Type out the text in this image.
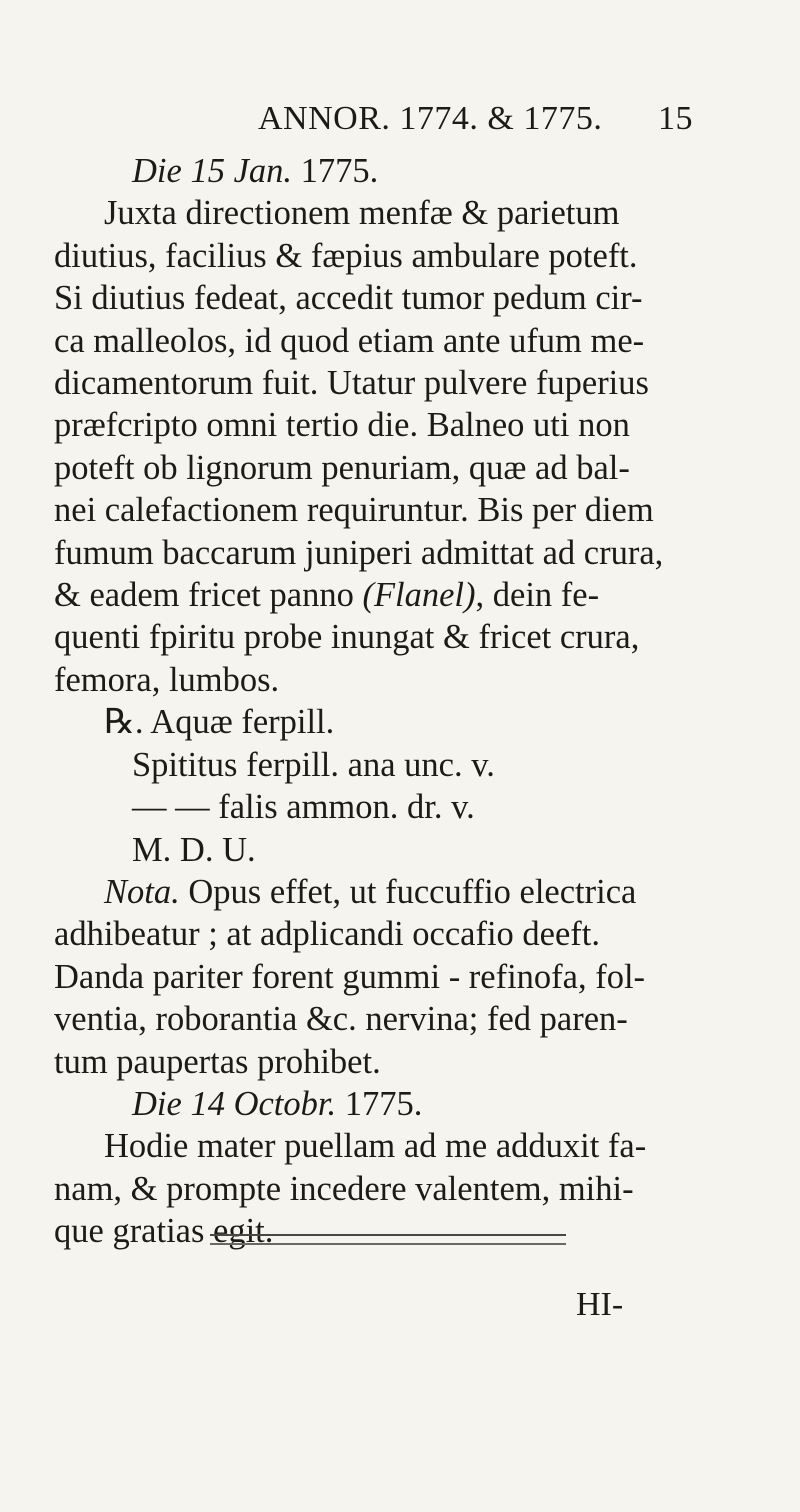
ANNOR. 1774. & 1775. 15
Die 15 Jan. 1775.
Juxta directionem menfæ & parietum
diutius, facilius & fæpius ambulare poteft.
Si diutius fedeat, accedit tumor pedum cir-
ca malleolos, id quod etiam ante ufum me-
dicamentorum fuit. Utatur pulvere fuperius
præfcripto omni tertio die. Balneo uti non
poteft ob lignorum penuriam, quæ ad bal-
nei calefactionem requiruntur. Bis per diem
fumum baccarum juniperi admittat ad crura,
& eadem fricet panno (Flanel), dein fe-
quenti fpiritu probe inungat & fricet crura,
femora, lumbos.
℞. Aquæ ferpill.
Spititus ferpill. ana unc. v.
— — falis ammon. dr. v.
M. D. U.
Nota. Opus effet, ut fuccuffio electrica
adhibeatur ; at adplicandi occafio deeft.
Danda pariter forent gummi - refinofa, fol-
ventia, roborantia &c. nervina; fed paren-
tum paupertas prohibet.
Die 14 Octobr. 1775.
Hodie mater puellam ad me adduxit fa-
nam, & prompte incedere valentem, mihi-
que gratias egit.
HI-
